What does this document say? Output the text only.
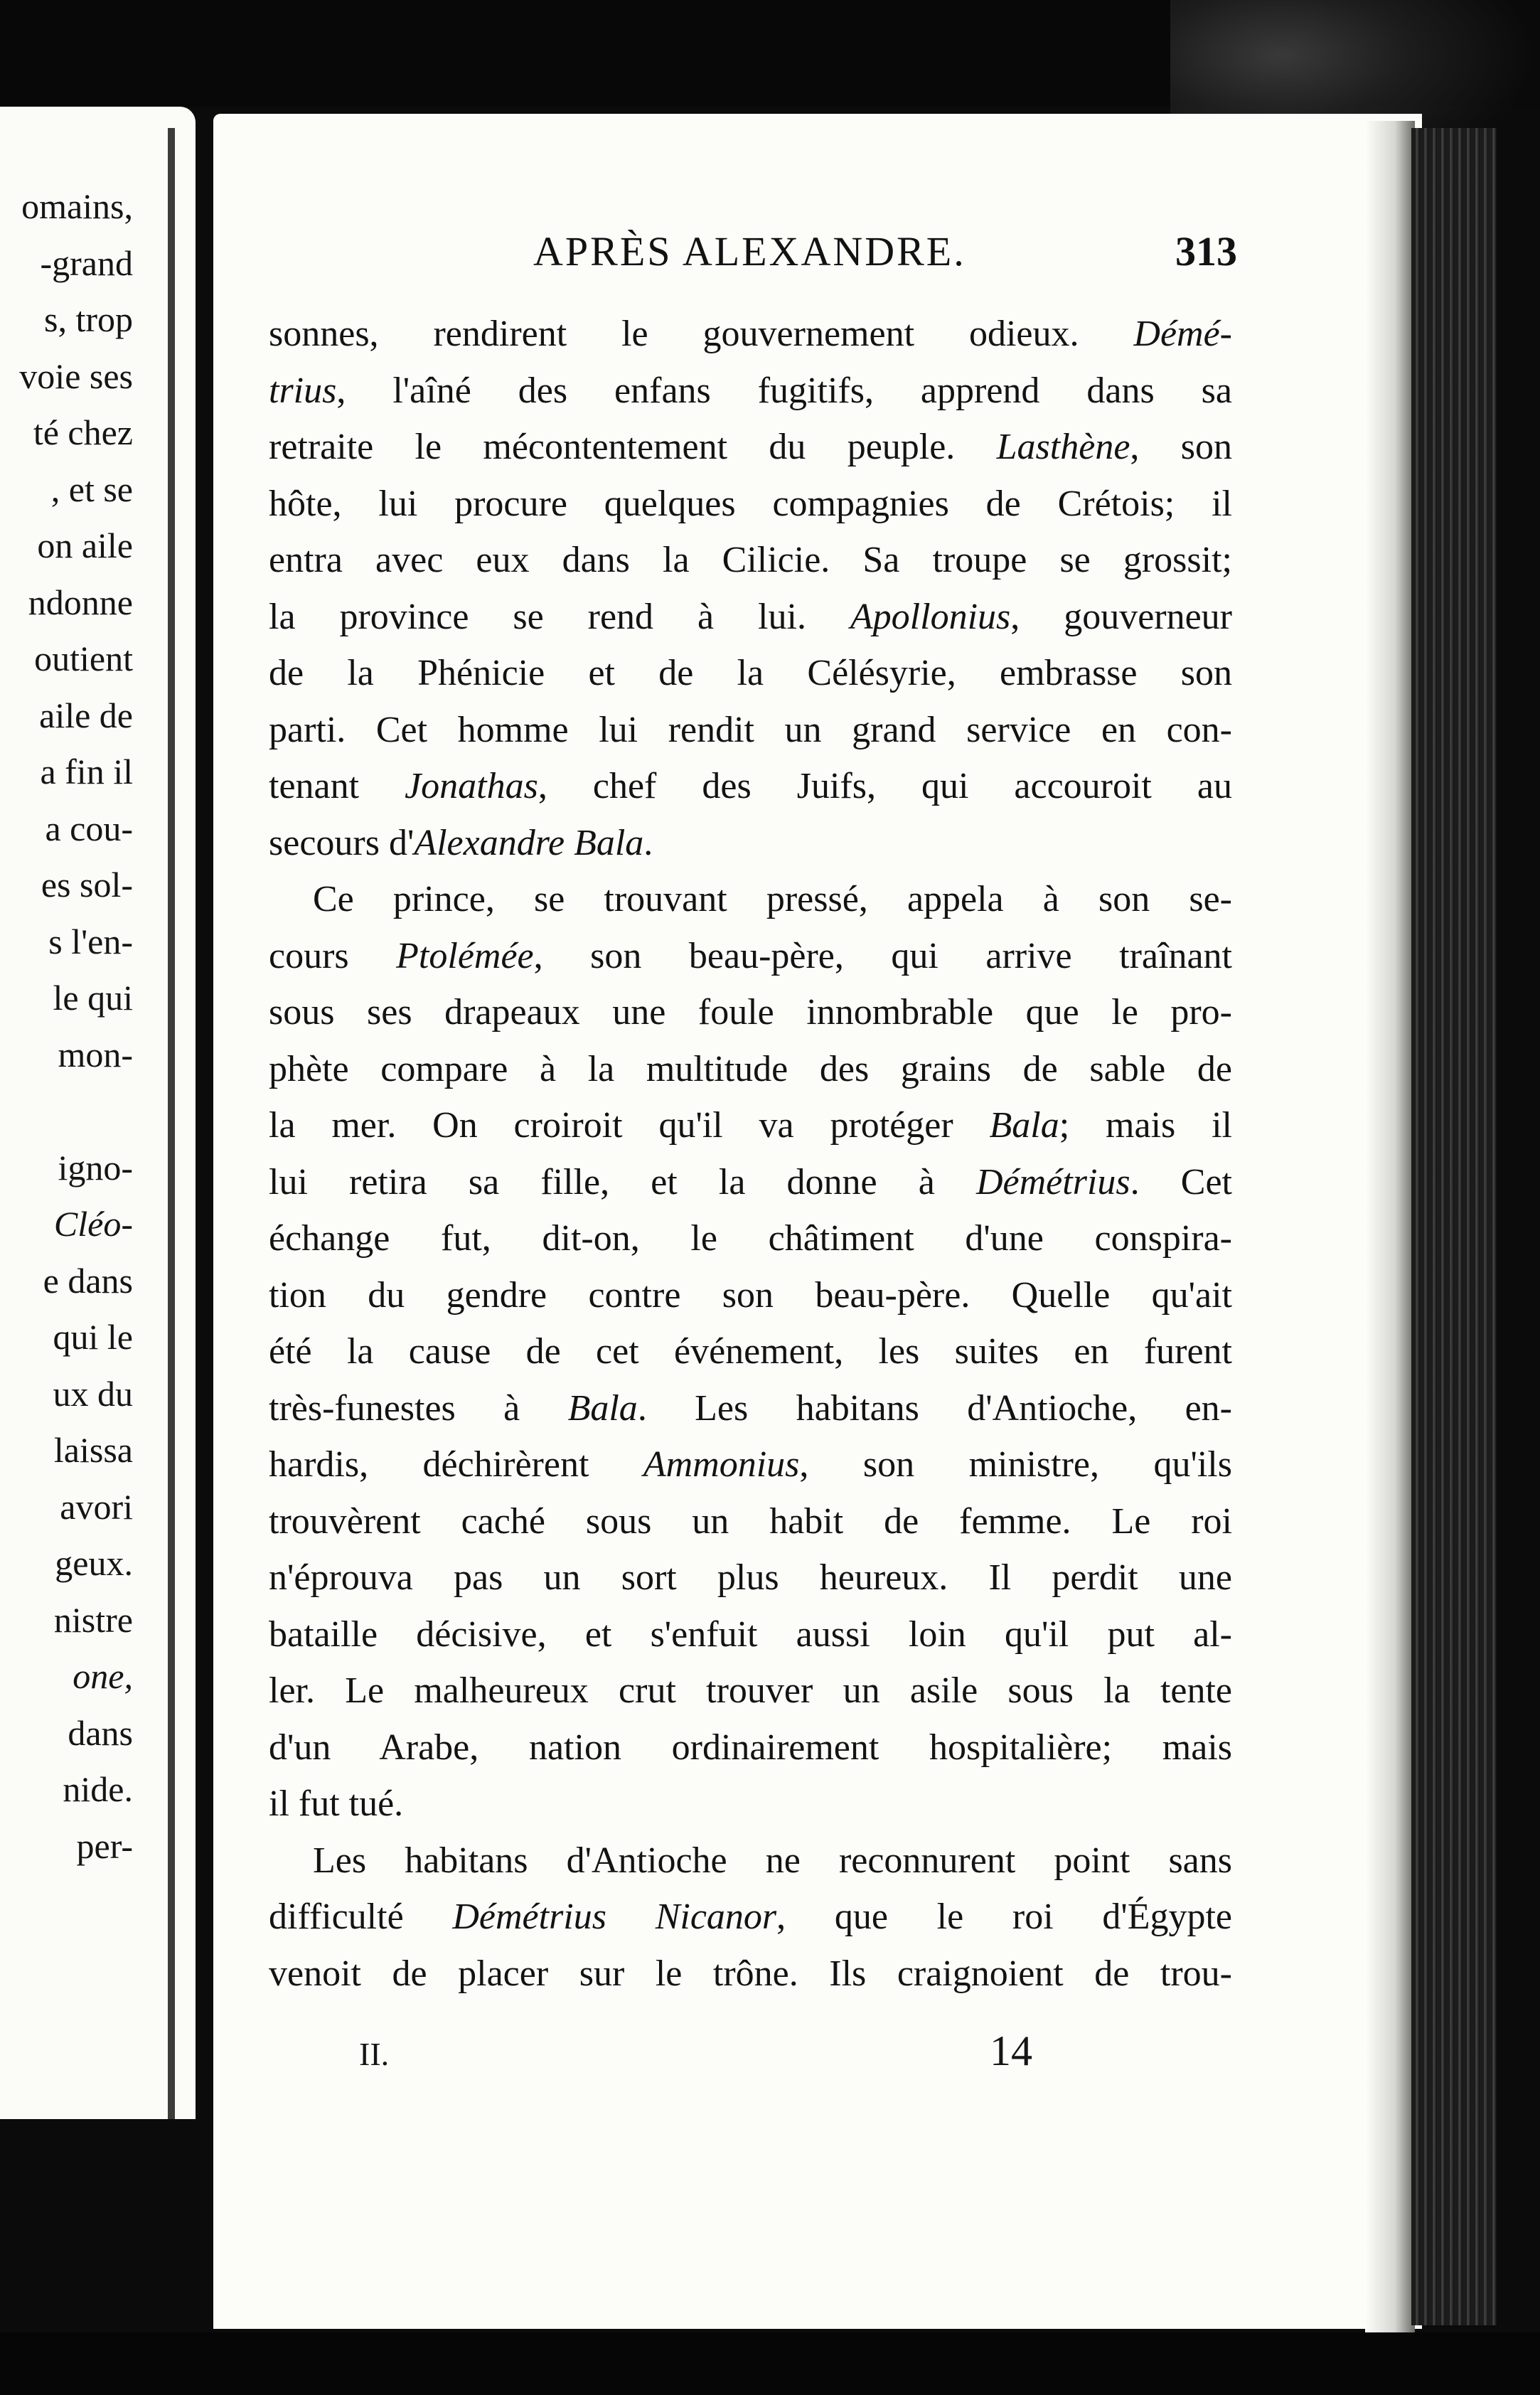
omains,
-grand
s, trop
voie ses
té chez
, et se
on aile
ndonne
outient
aile de
a fin il
a cou-
es sol-
s l'en-
le qui
mon-
igno-
Cléo-
e dans
qui le
ux du
laissa
avori
geux.
nistre
one,
dans
nide.
per-
APRÈS ALEXANDRE.	313
sonnes, rendirent le gouvernement odieux. Démé-
trius, l'aîné des enfans fugitifs, apprend dans sa
retraite le mécontentement du peuple. Lasthène, son
hôte, lui procure quelques compagnies de Crétois; il
entra avec eux dans la Cilicie. Sa troupe se grossit;
la province se rend à lui. Apollonius, gouverneur
de la Phénicie et de la Célésyrie, embrasse son
parti. Cet homme lui rendit un grand service en con-
tenant Jonathas, chef des Juifs, qui accouroit au
secours d'Alexandre Bala.
Ce prince, se trouvant pressé, appela à son se-
cours Ptolémée, son beau-père, qui arrive traînant
sous ses drapeaux une foule innombrable que le pro-
phète compare à la multitude des grains de sable de
la mer. On croiroit qu'il va protéger Bala; mais il
lui retira sa fille, et la donne à Démétrius. Cet
échange fut, dit-on, le châtiment d'une conspira-
tion du gendre contre son beau-père. Quelle qu'ait
été la cause de cet événement, les suites en furent
très-funestes à Bala. Les habitans d'Antioche, en-
hardis, déchirèrent Ammonius, son ministre, qu'ils
trouvèrent caché sous un habit de femme. Le roi
n'éprouva pas un sort plus heureux. Il perdit une
bataille décisive, et s'enfuit aussi loin qu'il put al-
ler. Le malheureux crut trouver un asile sous la tente
d'un Arabe, nation ordinairement hospitalière; mais
il fut tué.
Les habitans d'Antioche ne reconnurent point sans
difficulté Démétrius Nicanor, que le roi d'Égypte
venoit de placer sur le trône. Ils craignoient de trou-
II.	14
